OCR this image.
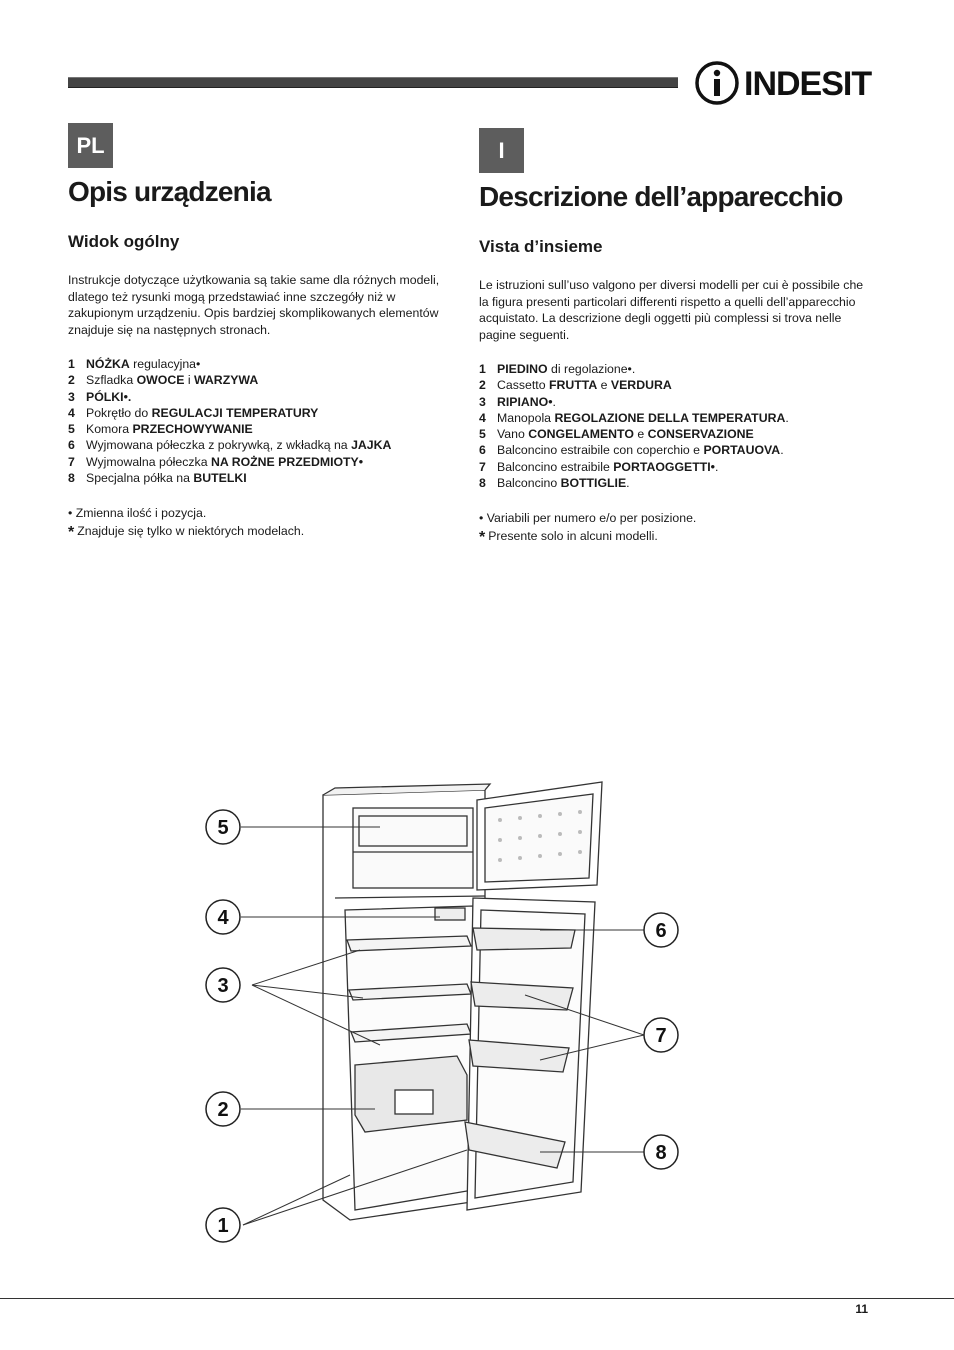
INDESIT
PL	I
Opis urządzenia
Widok ogólny

Instrukcje dotyczące użytkowania są takie same dla różnych modeli, dlatego też rysunki mogą przedstawiać inne szczegóły niż w zakupionym urządzeniu. Opis bardziej skomplikowanych elementów znajduje się na następnych stronach.

1 NÓŻKA regulacyjna•
2 Szfladka OWOCE i WARZYWA
3 PÓLKI•.
4 Pokrętło do REGULACJI TEMPERATURY
5 Komora PRZECHOWYWANIE
6 Wyjmowana półeczka z pokrywką, z wkładką na JAJKA
7 Wyjmowalna półeczka NA ROŻNE PRZEDMIOTY•
8 Specjalna półka na BUTELKI
• Zmienna ilość i pozycja.
* Znajduje się tylko w niektórych modelach.
Descrizione dell’apparecchio
Vista d’insieme

Le istruzioni sull’uso valgono per diversi modelli per cui è possibile che la figura presenti particolari differenti rispetto a quelli dell’apparecchio acquistato. La descrizione degli oggetti più complessi si trova nelle pagine seguenti.

1 PIEDINO di regolazione•.
2 Cassetto FRUTTA e VERDURA
3 RIPIANO•.
4 Manopola REGOLAZIONE DELLA TEMPERATURA.
5 Vano CONGELAMENTO e CONSERVAZIONE
6 Balconcino estraibile con coperchio e PORTAUOVA.
7 Balconcino estraibile PORTAOGGETTI•.
8 Balconcino BOTTIGLIE.
• Variabili per numero e/o per posizione.
* Presente solo in alcuni modelli.
5
4
3
2
1
6
7
8
11
